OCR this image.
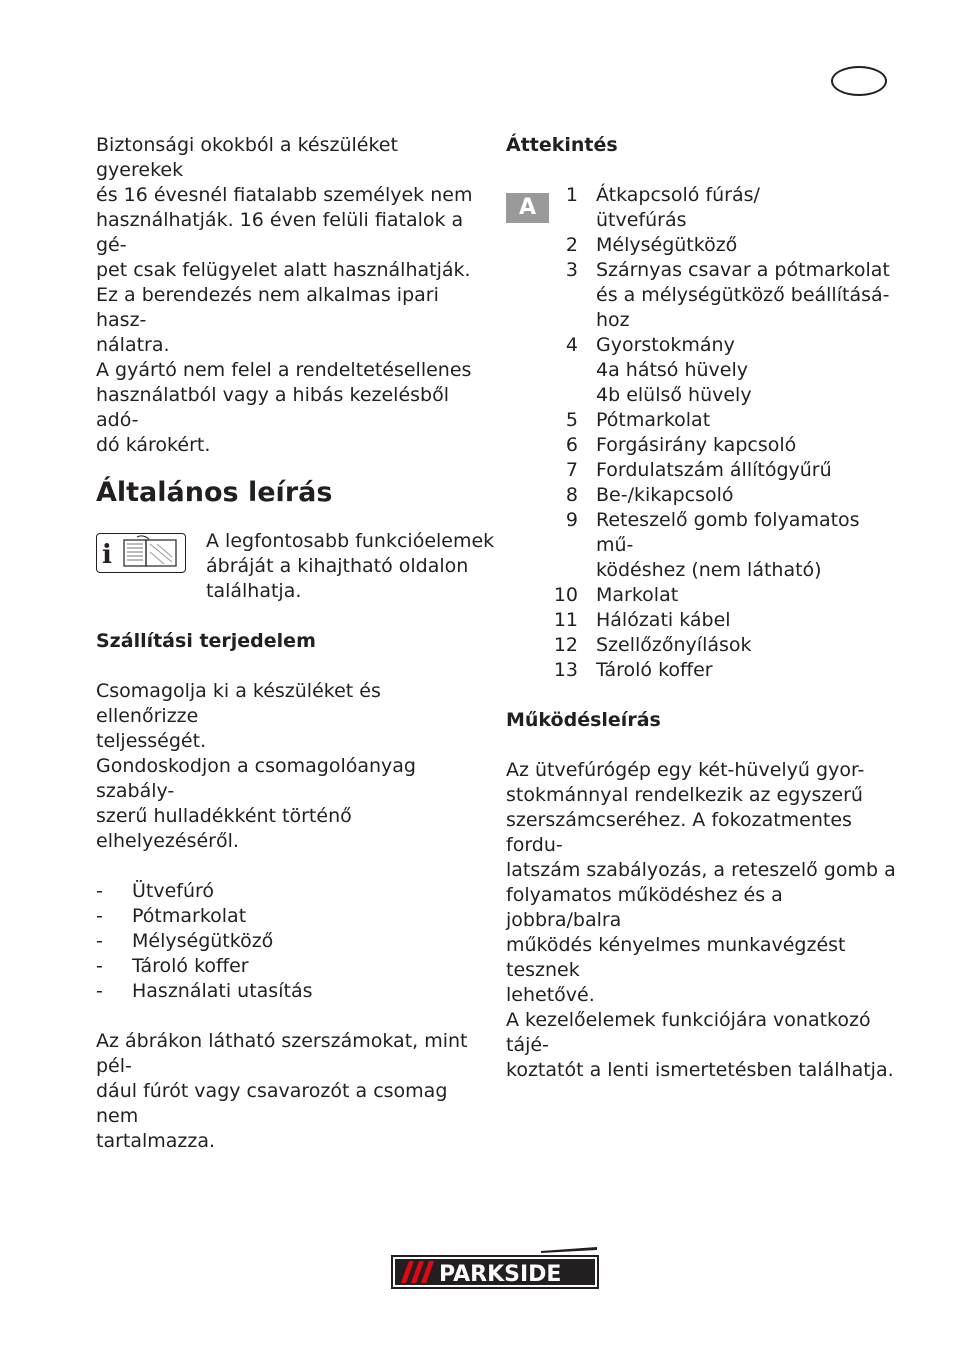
Biztonsági okokból a készüléket gyerekek
és 16 évesnél fiatalabb személyek nem
használhatják. 16 éven felüli fiatalok a gé-
pet csak felügyelet alatt használhatják.
Ez a berendezés nem alkalmas ipari hasz-
nálatra.
A gyártó nem felel a rendeltetésellenes
használatból vagy a hibás kezelésből adó-
dó károkért.

Általános leírás
i	A legfontosabb funkcióelemek
ábráját a kihajtható oldalon
találhatja.

Szállítási terjedelem

Csomagolja ki a készüléket és ellenőrizze
teljességét.
Gondoskodjon a csomagolóanyag szabály-
szerű hulladékként történő elhelyezéséről.

- Ütvefúró
- Pótmarkolat
- Mélységütköző
- Tároló koffer
- Használati utasítás

Az ábrákon látható szerszámokat, mint pél-
dául fúrót vagy csavarozót a csomag nem
tartalmazza.

Áttekintés
A	1 Átkapcsoló fúrás/
ütvefúrás
2 Mélységütköző
3 Szárnyas csavar a pótmarkolat
és a mélységütköző beállításá-
hoz
4 Gyorstokmány
4a hátsó hüvely
4b elülső hüvely
5 Pótmarkolat
6 Forgásirány kapcsoló
7 Fordulatszám állítógyűrű
8 Be-/kikapcsoló
9 Reteszelő gomb folyamatos mű-
ködéshez (nem látható)
10 Markolat
11 Hálózati kábel
12 Szellőzőnyílások
13 Tároló koffer
Működésleírás

Az ütvefúrógép egy két-hüvelyű gyor-
stokmánnyal rendelkezik az egyszerű
szerszámcseréhez. A fokozatmentes fordu-
latszám szabályozás, a reteszelő gomb a
folyamatos működéshez és a jobbra/balra
működés kényelmes munkavégzést tesznek
lehetővé.
A kezelőelemek funkciójára vonatkozó tájé-
koztatót a lenti ismertetésben találhatja.

PARKSIDE
